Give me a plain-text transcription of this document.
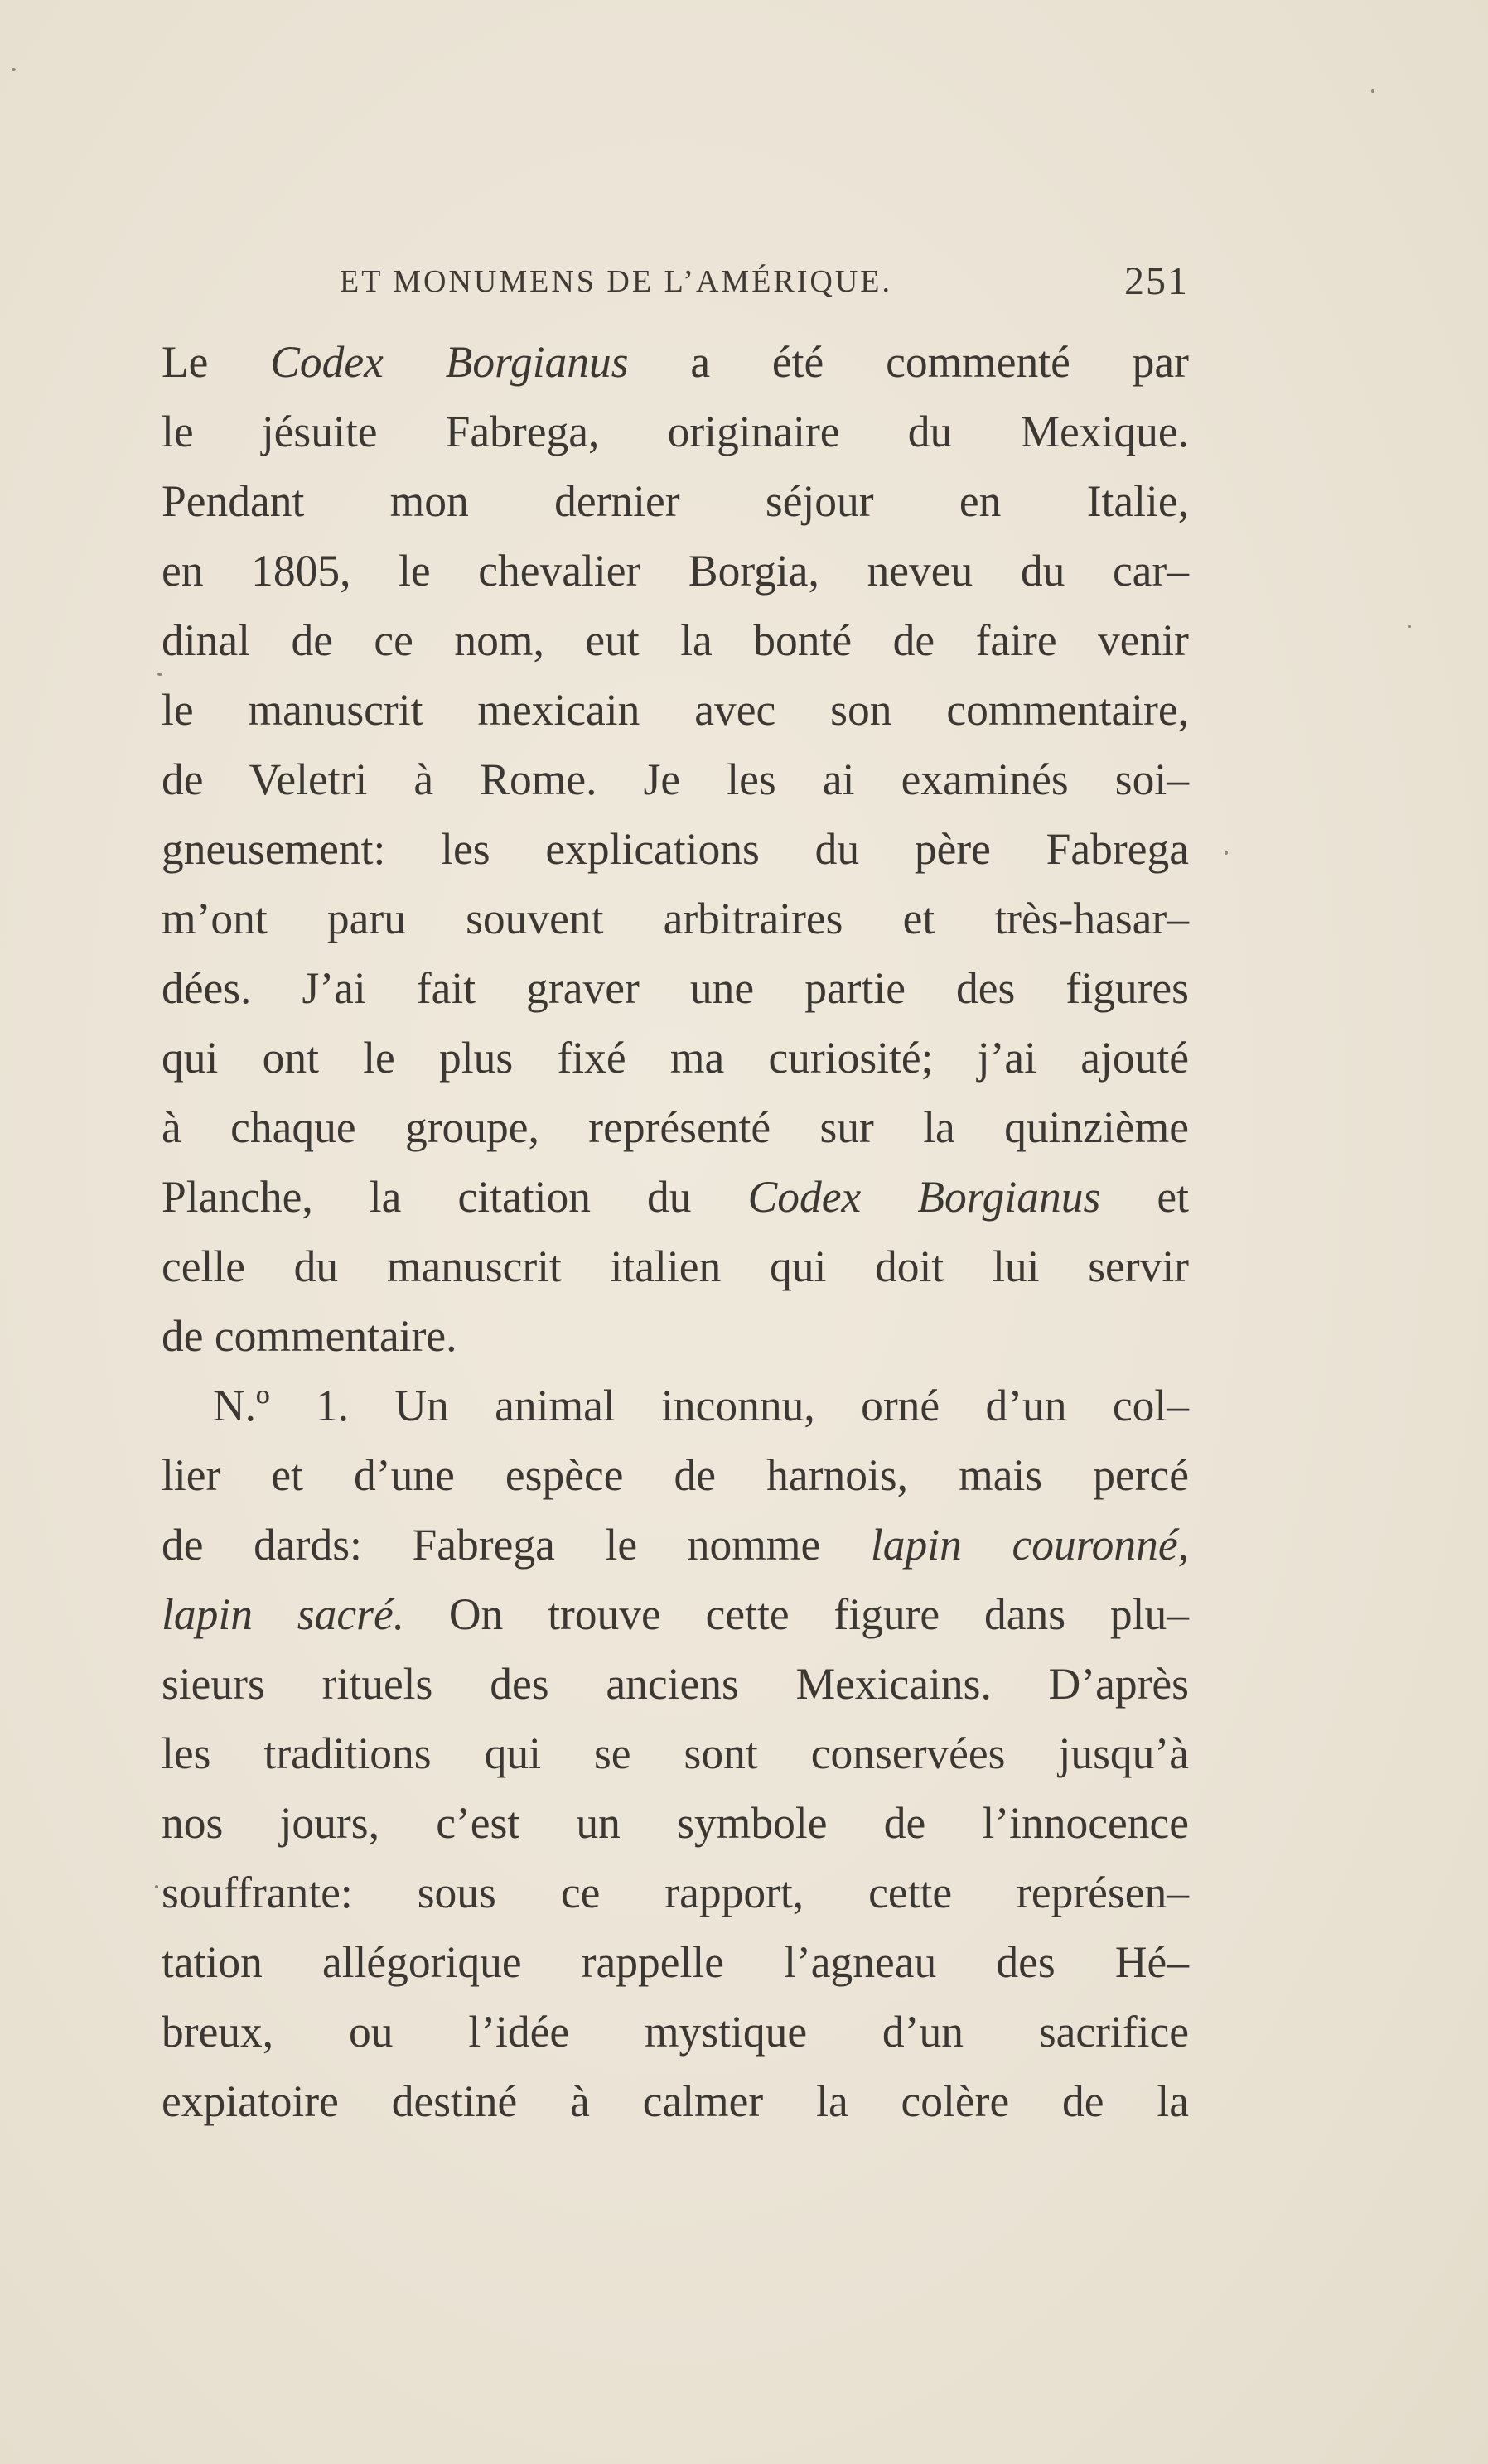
ET MONUMENS DE L’AMÉRIQUE.	251
Le Codex Borgianus a été commenté par
le jésuite Fabrega, originaire du Mexique.
Pendant mon dernier séjour en Italie,
en 1805, le chevalier Borgia, neveu du car–
dinal de ce nom, eut la bonté de faire venir
le manuscrit mexicain avec son commentaire,
de Veletri à Rome. Je les ai examinés soi–
gneusement: les explications du père Fabrega
m’ont paru souvent arbitraires et très-hasar–
dées. J’ai fait graver une partie des figures
qui ont le plus fixé ma curiosité; j’ai ajouté
à chaque groupe, représenté sur la quinzième
Planche, la citation du Codex Borgianus et
celle du manuscrit italien qui doit lui servir
de commentaire.
N.º 1. Un animal inconnu, orné d’un col–
lier et d’une espèce de harnois, mais percé
de dards: Fabrega le nomme lapin couronné,
lapin sacré. On trouve cette figure dans plu–
sieurs rituels des anciens Mexicains. D’après
les traditions qui se sont conservées jusqu’à
nos jours, c’est un symbole de l’innocence
souffrante: sous ce rapport, cette représen–
tation allégorique rappelle l’agneau des Hé–
breux, ou l’idée mystique d’un sacrifice
expiatoire destiné à calmer la colère de la
